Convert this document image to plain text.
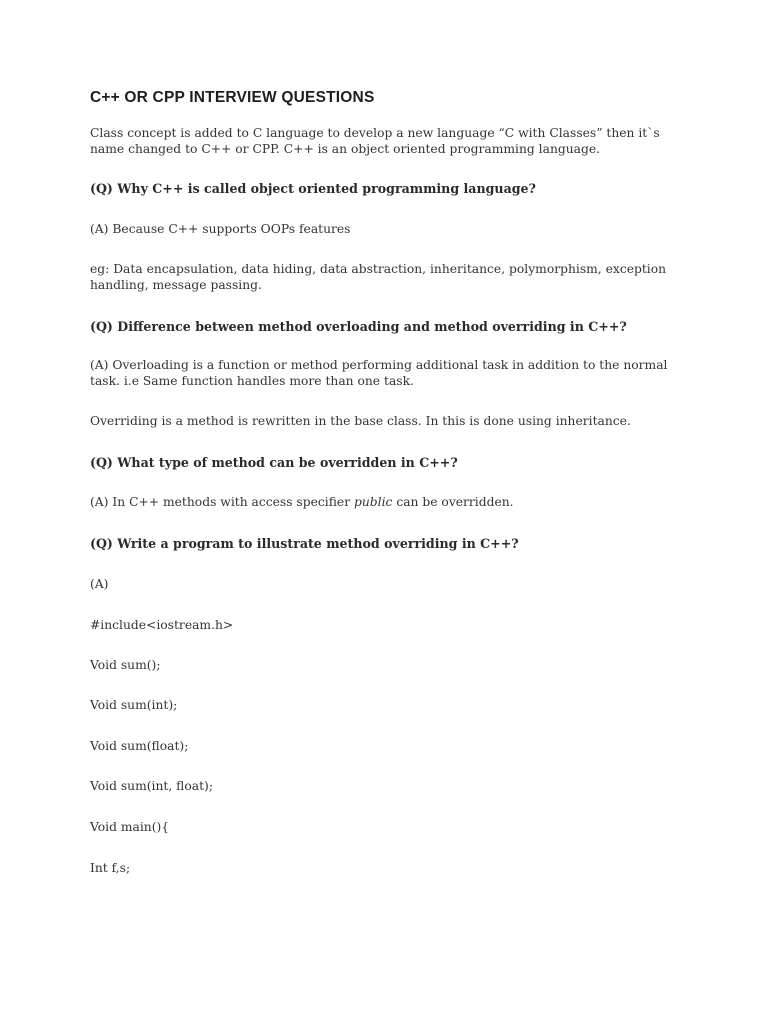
C++ OR CPP INTERVIEW QUESTIONS

Class concept is added to C language to develop a new language “C with Classes” then it`s name changed to C++ or CPP. C++ is an object oriented programming language.

(Q) Why C++ is called object oriented programming language?

(A) Because C++ supports OOPs features

eg: Data encapsulation, data hiding, data abstraction, inheritance, polymorphism, exception handling, message passing.

(Q) Difference between method overloading and method overriding in C++?

(A) Overloading is a function or method performing additional task in addition to the normal task. i.e Same function handles more than one task.

Overriding is a method is rewritten in the base class. In this is done using inheritance.

(Q) What type of method can be overridden in C++?

(A) In C++ methods with access specifier public can be overridden.

(Q) Write a program to illustrate method overriding in C++?

(A)

#include<iostream.h>

Void sum();

Void sum(int);

Void sum(float);

Void sum(int, float);

Void main(){

Int f,s;
